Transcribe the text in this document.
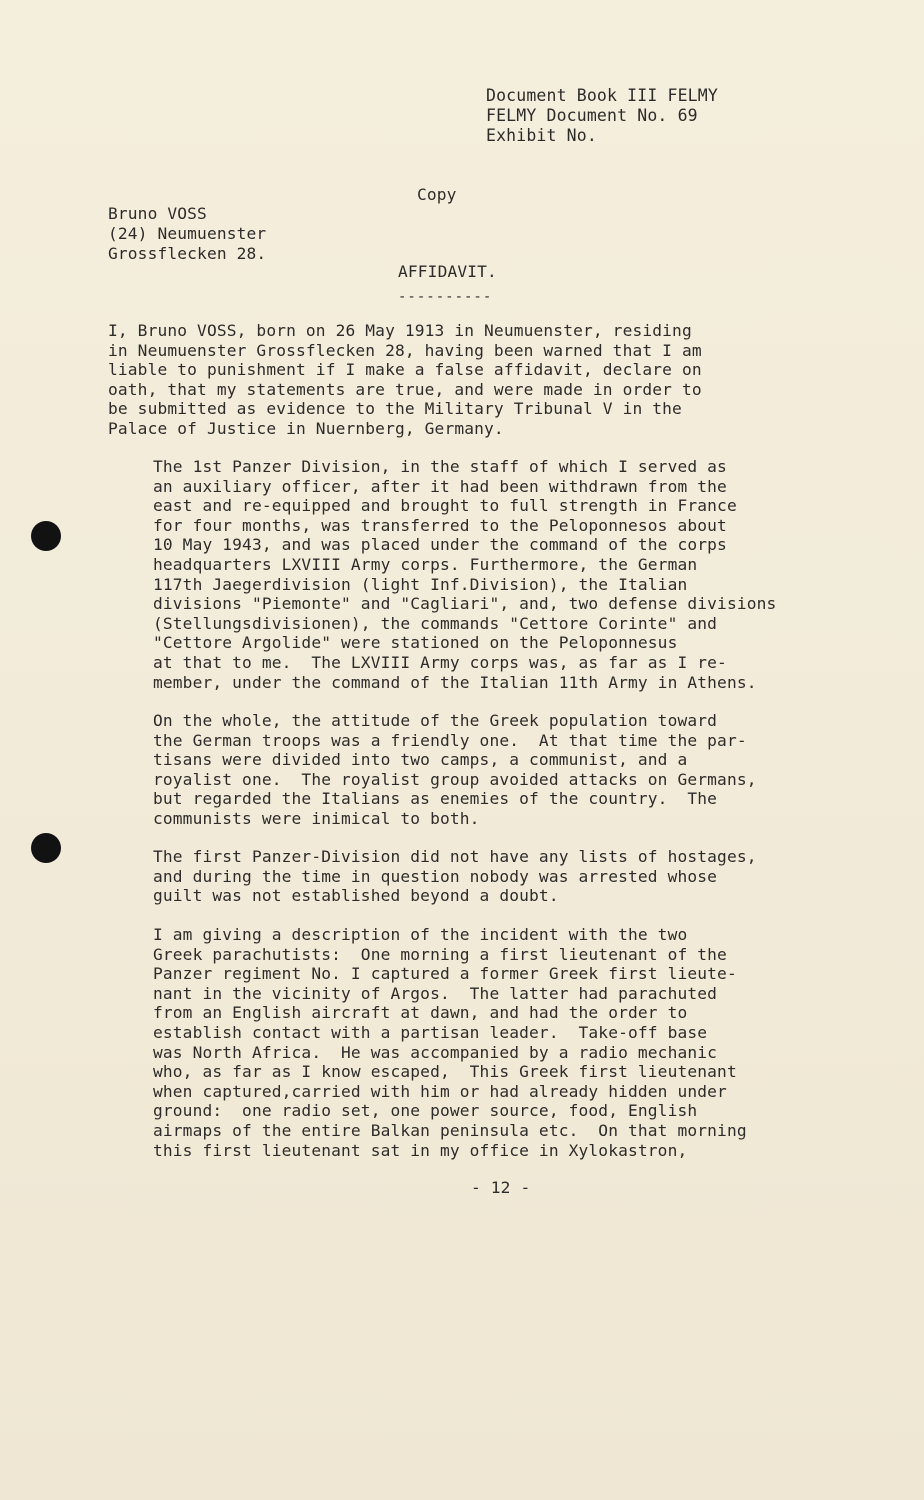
Document Book III FELMY
FELMY Document No. 69
Exhibit No.
Copy
Bruno VOSS
(24) Neumuenster
Grossflecken 28.
AFFIDAVIT.
----------
I, Bruno VOSS, born on 26 May 1913 in Neumuenster, residing
in Neumuenster Grossflecken 28, having been warned that I am
liable to punishment if I make a false affidavit, declare on
oath, that my statements are true, and were made in order to
be submitted as evidence to the Military Tribunal V in the
Palace of Justice in Nuernberg, Germany.
The 1st Panzer Division, in the staff of which I served as
an auxiliary officer, after it had been withdrawn from the
east and re-equipped and brought to full strength in France
for four months, was transferred to the Peloponnesos about
10 May 1943, and was placed under the command of the corps
headquarters LXVIII Army corps. Furthermore, the German
117th Jaegerdivision (light Inf.Division), the Italian
divisions "Piemonte" and "Cagliari", and, two defense divisions
(Stellungsdivisionen), the commands "Cettore Corinte" and
"Cettore Argolide" were stationed on the Peloponnesus
at that to me.  The LXVIII Army corps was, as far as I re-
member, under the command of the Italian 11th Army in Athens.
On the whole, the attitude of the Greek population toward
the German troops was a friendly one.  At that time the par-
tisans were divided into two camps, a communist, and a
royalist one.  The royalist group avoided attacks on Germans,
but regarded the Italians as enemies of the country.  The
communists were inimical to both.
The first Panzer-Division did not have any lists of hostages,
and during the time in question nobody was arrested whose
guilt was not established beyond a doubt.
I am giving a description of the incident with the two
Greek parachutists:  One morning a first lieutenant of the
Panzer regiment No. I captured a former Greek first lieute-
nant in the vicinity of Argos.  The latter had parachuted
from an English aircraft at dawn, and had the order to
establish contact with a partisan leader.  Take-off base
was North Africa.  He was accompanied by a radio mechanic
who, as far as I know escaped,  This Greek first lieutenant
when captured,carried with him or had already hidden under
ground:  one radio set, one power source, food, English
airmaps of the entire Balkan peninsula etc.  On that morning
this first lieutenant sat in my office in Xylokastron,
- 12 -
